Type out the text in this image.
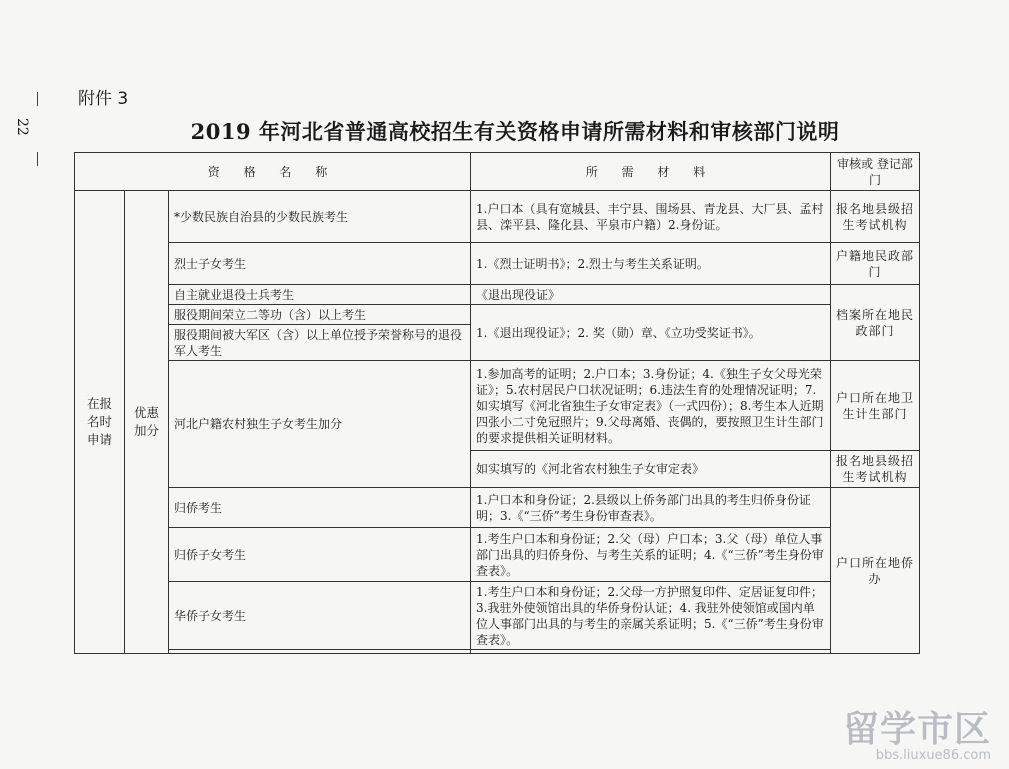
附件 3
22	2019 年河北省普通高校招生有关资格申请所需材料和审核部门说明
资 格 名 称			所 需 材 料	审核或 登记部门
在报名时申请	优惠加分	*少数民族自治县的少数民族考生	1.户口本（具有宽城县、丰宁县、围场县、青龙县、大厂县、孟村县、滦平县、隆化县、平泉市户籍）2.身份证。	报名地县级招生考试机构
		烈士子女考生	1.《烈士证明书》；2.烈士与考生关系证明。	户籍地民政部门
		自主就业退役士兵考生	《退出现役证》	档案所在地民政部门
		服役期间荣立二等功（含）以上考生	1.《退出现役证》；2. 奖（勋）章、《立功受奖证书》。	
		服役期间被大军区（含）以上单位授予荣誉称号的退役军人考生		
		河北户籍农村独生子女考生加分	1.参加高考的证明；2.户口本；3.身份证；4.《独生子女父母光荣证》；5.农村居民户口状况证明；6.违法生育的处理情况证明；7.如实填写《河北省独生子女审定表》（一式四份）；8.考生本人近期四张小二寸免冠照片；9.父母离婚、丧偶的，要按照卫生计生部门的要求提供相关证明材料。	户口所在地卫生计生部门
			如实填写的《河北省农村独生子女审定表》	报名地县级招生考试机构
		归侨考生	1.户口本和身份证；2.县级以上侨务部门出具的考生归侨身份证明；3.《“三侨”考生身份审查表》。	户口所在地侨办
		归侨子女考生	1.考生户口本和身份证；2.父（母）户口本；3.父（母）单位人事部门出具的归侨身份、与考生关系的证明；4.《“三侨”考生身份审查表》。	
		华侨子女考生	1.考生户口本和身份证；2.父母一方护照复印件、定居证复印件；3.我驻外使领馆出具的华侨身份认证；4. 我驻外使领馆或国内单位人事部门出具的与考生的亲属关系证明；5.《“三侨”考生身份审查表》。	

留学市区
bbs.liuxue86.com
